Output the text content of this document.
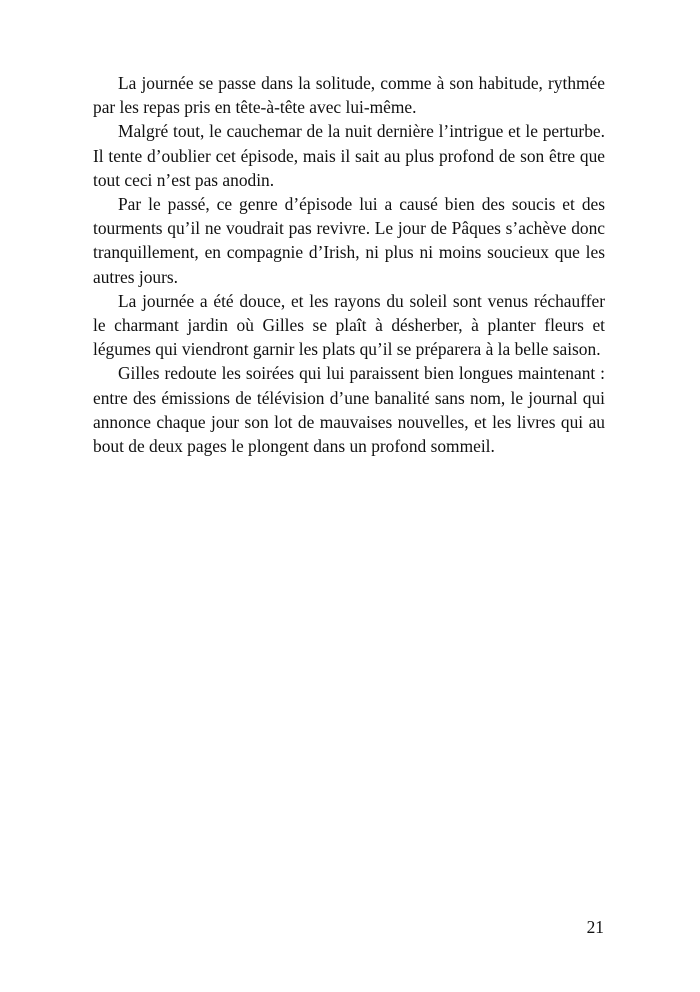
La journée se passe dans la solitude, comme à son habitude, rythmée par les repas pris en tête-à-tête avec lui-même.

Malgré tout, le cauchemar de la nuit dernière l’intrigue et le perturbe. Il tente d’oublier cet épisode, mais il sait au plus profond de son être que tout ceci n’est pas anodin.

Par le passé, ce genre d’épisode lui a causé bien des soucis et des tourments qu’il ne voudrait pas revivre. Le jour de Pâques s’achève donc tranquillement, en compagnie d’Irish, ni plus ni moins soucieux que les autres jours.

La journée a été douce, et les rayons du soleil sont venus réchauffer le charmant jardin où Gilles se plaît à désherber, à planter fleurs et légumes qui viendront garnir les plats qu’il se préparera à la belle saison.

Gilles redoute les soirées qui lui paraissent bien longues maintenant : entre des émissions de télévision d’une banalité sans nom, le journal qui annonce chaque jour son lot de mauvaises nouvelles, et les livres qui au bout de deux pages le plongent dans un profond sommeil.

21
